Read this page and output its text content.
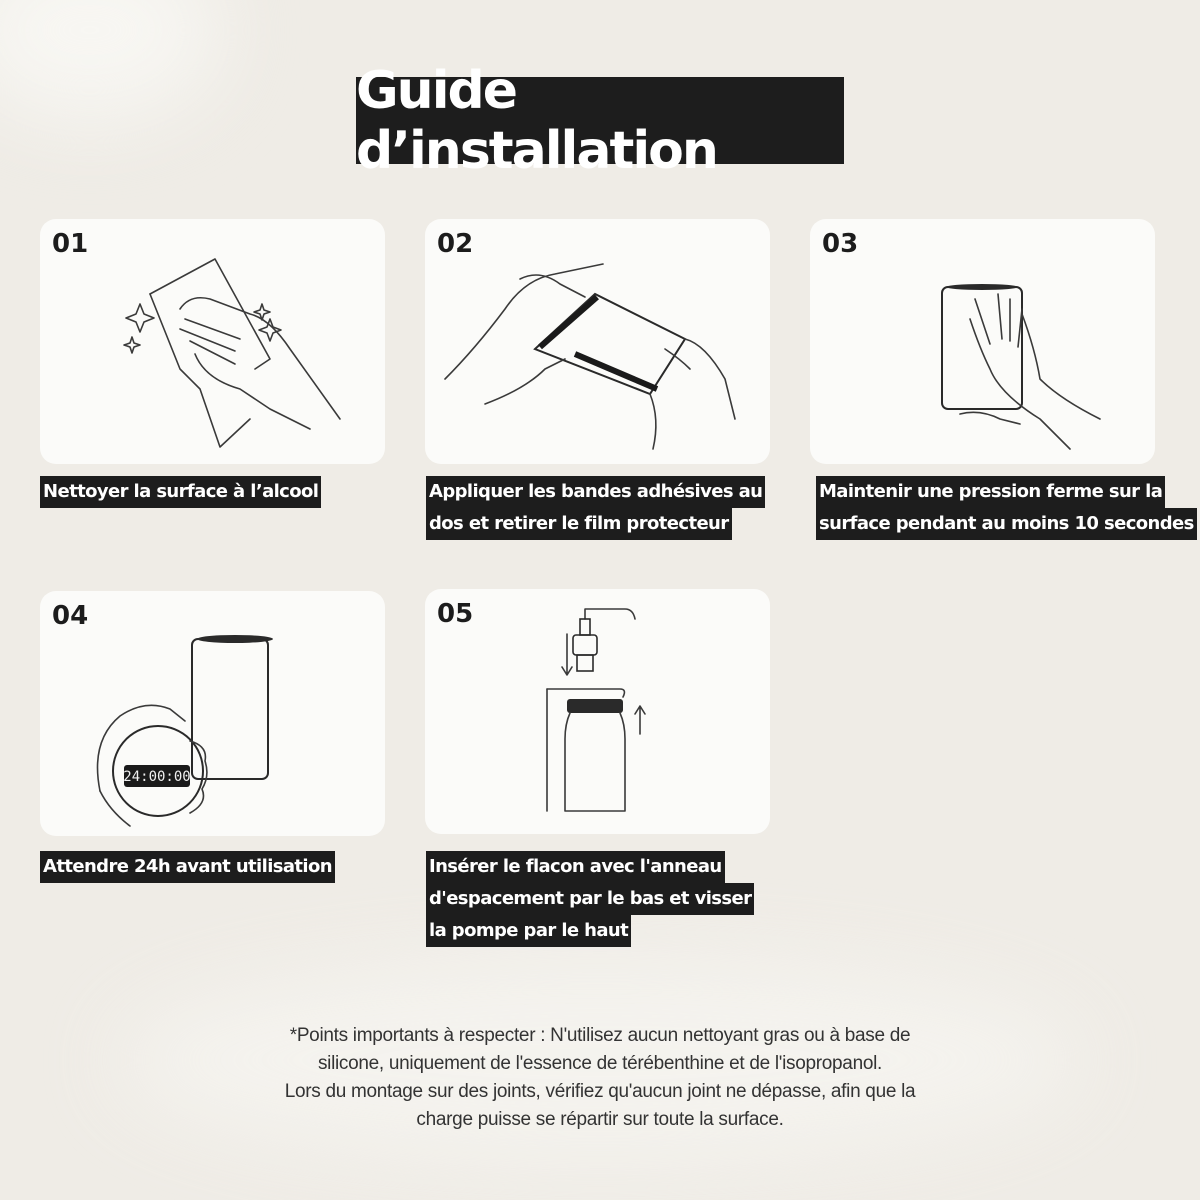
Guide d’installation
01
Nettoyer la surface à l’alcool
02
Appliquer les bandes adhésives au
dos et retirer le film protecteur
03
Maintenir une pression ferme sur la
surface pendant au moins 10 secondes
04
24:00:00
Attendre 24h avant utilisation
05
Insérer le flacon avec l'anneau
d'espacement par le bas et visser
la pompe par le haut
*Points importants à respecter : N'utilisez aucun nettoyant gras ou à base de
silicone, uniquement de l'essence de térébenthine et de l'isopropanol.
Lors du montage sur des joints, vérifiez qu'aucun joint ne dépasse, afin que la
charge puisse se répartir sur toute la surface.
